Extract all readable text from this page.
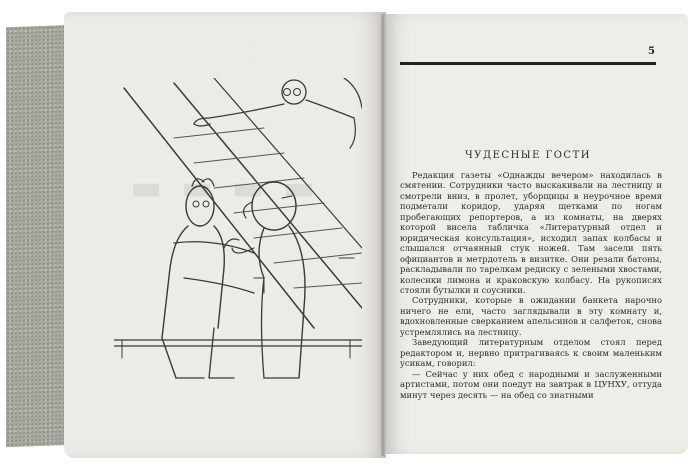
· · · · · ·
▬ ▬ ▬ ▬
5
ЧУДЕСНЫЕ ГОСТИ

Редакция газеты «Однажды вечером» находилась в смятении. Сотрудники часто выскакивали на лестницу и смотрели вниз, в пролет, уборщицы в неурочное время подметали коридор, ударяя щетками по ногам пробегающих репортеров, а из комнаты, на дверях которой висела табличка «Литературный отдел и юридическая консультация», исходил запах колбасы и слышался отчаянный стук ножей. Там засели пять официантов и метрдотель в визитке. Они резали батоны, раскладывали по тарелкам редиску с зелеными хвостами, колесики лимона и краковскую колбасу. На рукописях стояли бутылки и соусники.

Сотрудники, которые в ожидании банкета нарочно ничего не ели, часто заглядывали в эту комнату и, вдохновленные сверканием апельсинов и салфеток, снова устремлялись на лестницу.

Заведующий литературным отделом стоял перед редактором и, нервно притрагиваясь к своим маленьким усикам, говорил:

— Сейчас у них обед с народными и заслуженными артистами, потом они поедут на завтрак в ЦУНХУ, оттуда минут через десять — на обед со знатными
